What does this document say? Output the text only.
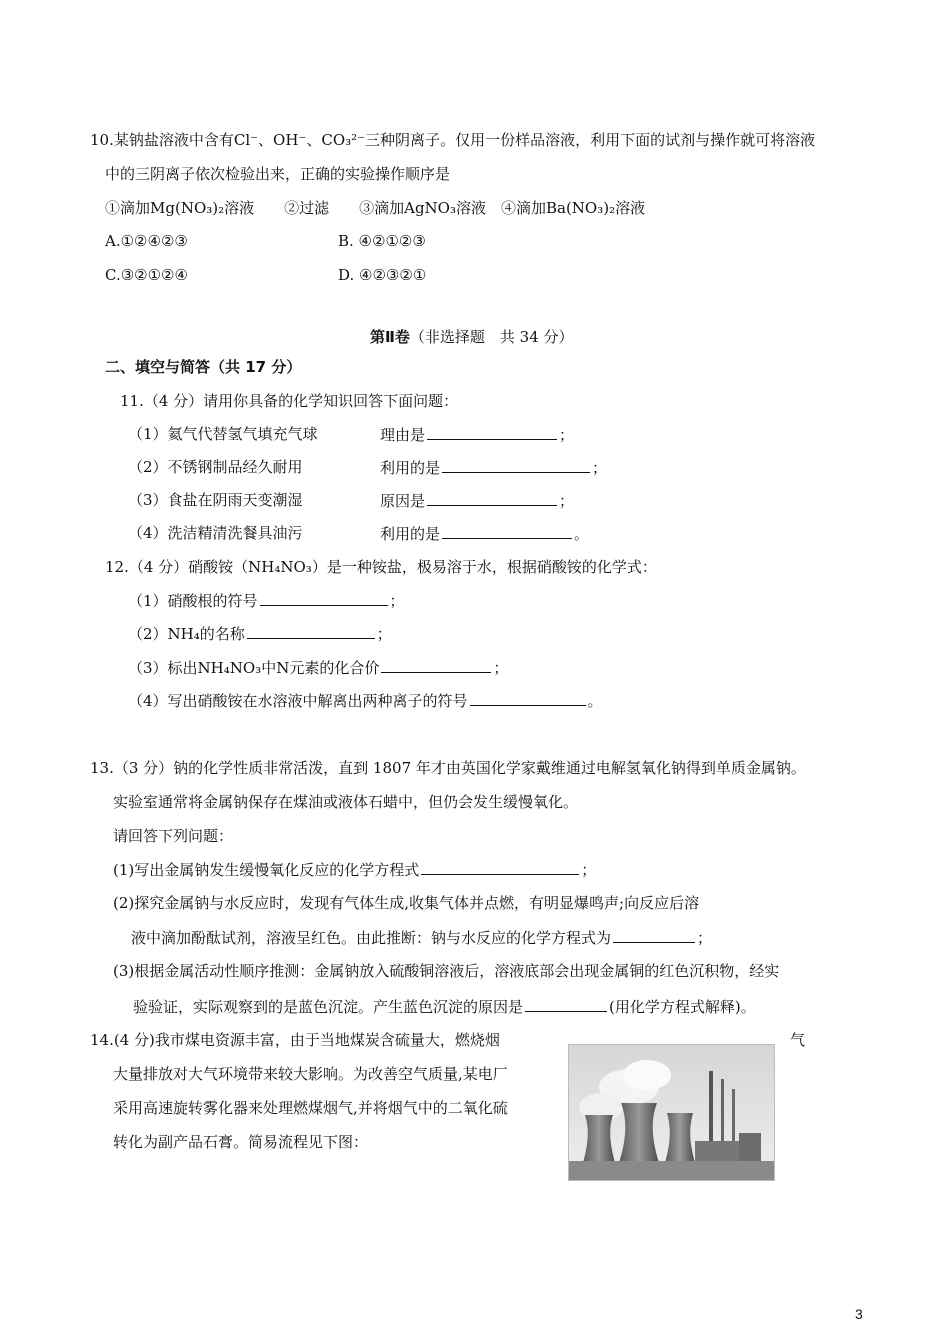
10.某钠盐溶液中含有Cl⁻、OH⁻、CO₃²⁻三种阴离子。仅用一份样品溶液，利用下面的试剂与操作就可将溶液
中的三阴离子依次检验出来，正确的实验操作顺序是
①滴加Mg(NO₃)₂溶液　　②过滤　　③滴加AgNO₃溶液　④滴加Ba(NO₃)₂溶液
A.①②④②③	B. ④②①②③
C.③②①②④	D. ④②③②①
第Ⅱ卷（非选择题　共 34 分）
二、填空与简答（共 17 分）
11.（4 分）请用你具备的化学知识回答下面问题：
（1）氦气代替氢气填充气球	理由是	；
（2）不锈钢制品经久耐用	利用的是	；
（3）食盐在阴雨天变潮湿	原因是	；
（4）洗洁精清洗餐具油污	利用的是	。
12.（4 分）硝酸铵（NH₄NO₃）是一种铵盐，极易溶于水，根据硝酸铵的化学式：
（1）硝酸根的符号	；
（2）NH₄的名称	；
（3）标出NH₄NO₃中N元素的化合价	；
（4）写出硝酸铵在水溶液中解离出两种离子的符号	。
13.（3 分）钠的化学性质非常活泼，直到 1807 年才由英国化学家戴维通过电解氢氧化钠得到单质金属钠。
实验室通常将金属钠保存在煤油或液体石蜡中，但仍会发生缓慢氧化。
请回答下列问题：
(1)写出金属钠发生缓慢氧化反应的化学方程式	；
(2)探究金属钠与水反应时，发现有气体生成,收集气体并点燃，有明显爆鸣声;向反应后溶
液中滴加酚酞试剂，溶液呈红色。由此推断：钠与水反应的化学方程式为	；
(3)根据金属活动性顺序推测：金属钠放入硫酸铜溶液后，溶液底部会出现金属铜的红色沉积物，经实
验验证，实际观察到的是蓝色沉淀。产生蓝色沉淀的原因是	(用化学方程式解释)。
14.(4 分)我市煤电资源丰富，由于当地煤炭含硫量大，燃烧烟	气
大量排放对大气环境带来较大影响。为改善空气质量,某电厂
采用高速旋转雾化器来处理燃煤烟气,并将烟气中的二氧化硫
转化为副产品石膏。简易流程见下图：
3
